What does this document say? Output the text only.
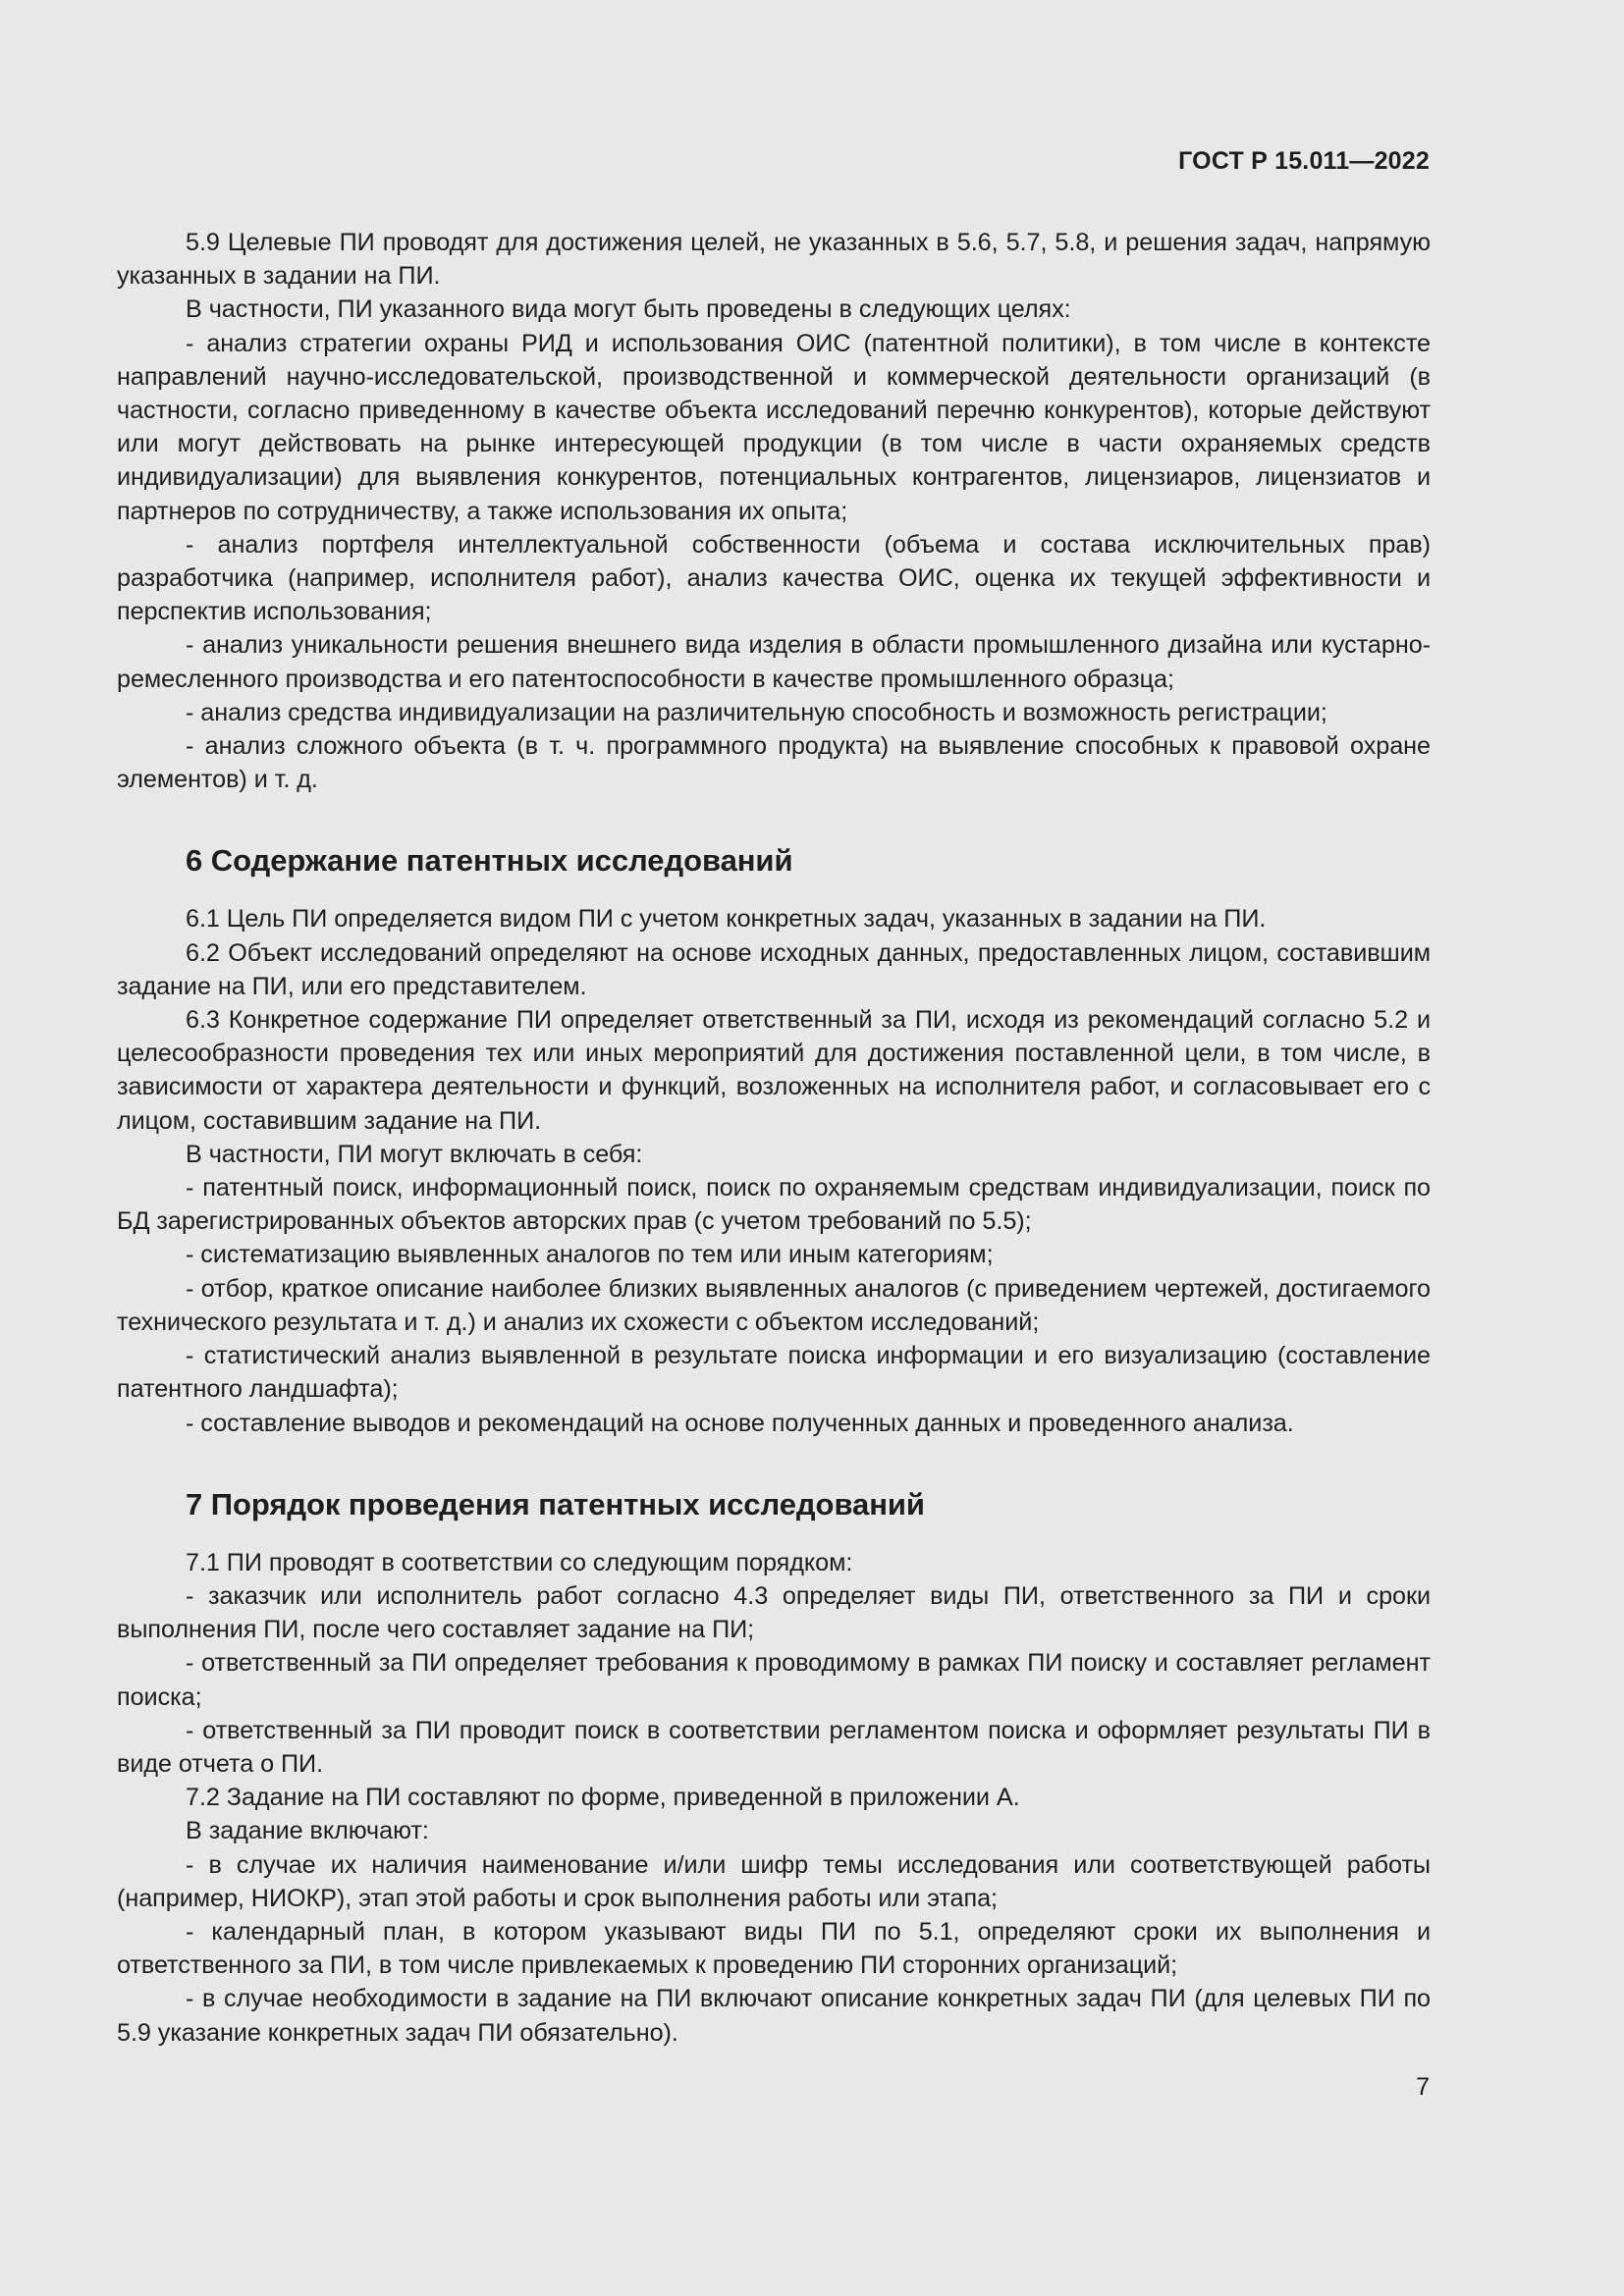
ГОСТ Р 15.011—2022

5.9 Целевые ПИ проводят для достижения целей, не указанных в 5.6, 5.7, 5.8, и решения задач, напрямую указанных в задании на ПИ.

В частности, ПИ указанного вида могут быть проведены в следующих целях:

- анализ стратегии охраны РИД и использования ОИС (патентной политики), в том числе в контексте направлений научно-исследовательской, производственной и коммерческой деятельности организаций (в частности, согласно приведенному в качестве объекта исследований перечню конкурентов), которые действуют или могут действовать на рынке интересующей продукции (в том числе в части охраняемых средств индивидуализации) для выявления конкурентов, потенциальных контрагентов, лицензиаров, лицензиатов и партнеров по сотрудничеству, а также использования их опыта;

- анализ портфеля интеллектуальной собственности (объема и состава исключительных прав) разработчика (например, исполнителя работ), анализ качества ОИС, оценка их текущей эффективности и перспектив использования;

- анализ уникальности решения внешнего вида изделия в области промышленного дизайна или кустарно-ремесленного производства и его патентоспособности в качестве промышленного образца;

- анализ средства индивидуализации на различительную способность и возможность регистрации;

- анализ сложного объекта (в т. ч. программного продукта) на выявление способных к правовой охране элементов) и т. д.

6 Содержание патентных исследований

6.1 Цель ПИ определяется видом ПИ с учетом конкретных задач, указанных в задании на ПИ.

6.2 Объект исследований определяют на основе исходных данных, предоставленных лицом, составившим задание на ПИ, или его представителем.

6.3 Конкретное содержание ПИ определяет ответственный за ПИ, исходя из рекомендаций согласно 5.2 и целесообразности проведения тех или иных мероприятий для достижения поставленной цели, в том числе, в зависимости от характера деятельности и функций, возложенных на исполнителя работ, и согласовывает его с лицом, составившим задание на ПИ.

В частности, ПИ могут включать в себя:

- патентный поиск, информационный поиск, поиск по охраняемым средствам индивидуализации, поиск по БД зарегистрированных объектов авторских прав (с учетом требований по 5.5);

- систематизацию выявленных аналогов по тем или иным категориям;

- отбор, краткое описание наиболее близких выявленных аналогов (с приведением чертежей, достигаемого технического результата и т. д.) и анализ их схожести с объектом исследований;

- статистический анализ выявленной в результате поиска информации и его визуализацию (составление патентного ландшафта);

- составление выводов и рекомендаций на основе полученных данных и проведенного анализа.

7 Порядок проведения патентных исследований

7.1 ПИ проводят в соответствии со следующим порядком:

- заказчик или исполнитель работ согласно 4.3 определяет виды ПИ, ответственного за ПИ и сроки выполнения ПИ, после чего составляет задание на ПИ;

- ответственный за ПИ определяет требования к проводимому в рамках ПИ поиску и составляет регламент поиска;

- ответственный за ПИ проводит поиск в соответствии регламентом поиска и оформляет результаты ПИ в виде отчета о ПИ.

7.2 Задание на ПИ составляют по форме, приведенной в приложении А.

В задание включают:

- в случае их наличия наименование и/или шифр темы исследования или соответствующей работы (например, НИОКР), этап этой работы и срок выполнения работы или этапа;

- календарный план, в котором указывают виды ПИ по 5.1, определяют сроки их выполнения и ответственного за ПИ, в том числе привлекаемых к проведению ПИ сторонних организаций;

- в случае необходимости в задание на ПИ включают описание конкретных задач ПИ (для целевых ПИ по 5.9 указание конкретных задач ПИ обязательно).

7
